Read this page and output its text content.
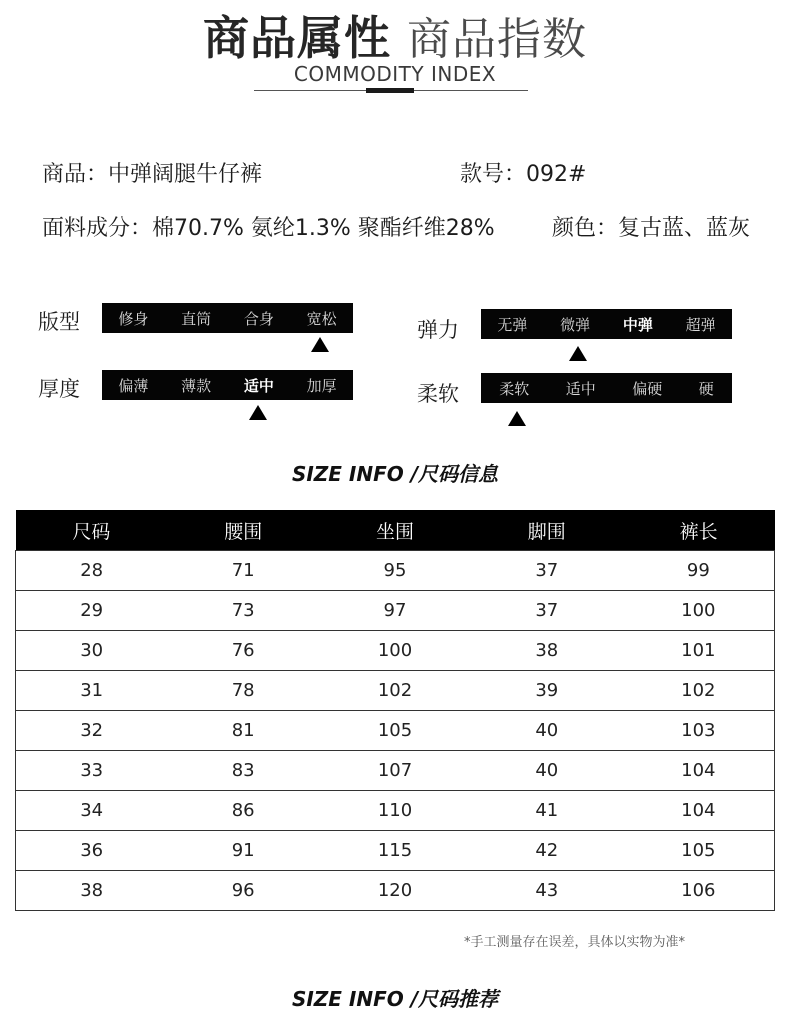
商品属性 商品指数
COMMODITY INDEX
商品：中弹阔腿牛仔裤	款号：092#
面料成分：棉70.7% 氨纶1.3% 聚酯纤维28%	颜色：复古蓝、蓝灰
版型	修身 直筒 合身 宽松
厚度	偏薄 薄款 适中 加厚
弹力	无弹 微弹 中弹 超弹
柔软	柔软 适中 偏硬 硬
SIZE INFO /尺码信息
尺码	腰围	坐围	脚围	裤长
28	71	95	37	99
29	73	97	37	100
30	76	100	38	101
31	78	102	39	102
32	81	105	40	103
33	83	107	40	104
34	86	110	41	104
36	91	115	42	105
38	96	120	43	106
*手工测量存在误差，具体以实物为准*
SIZE INFO /尺码推荐
